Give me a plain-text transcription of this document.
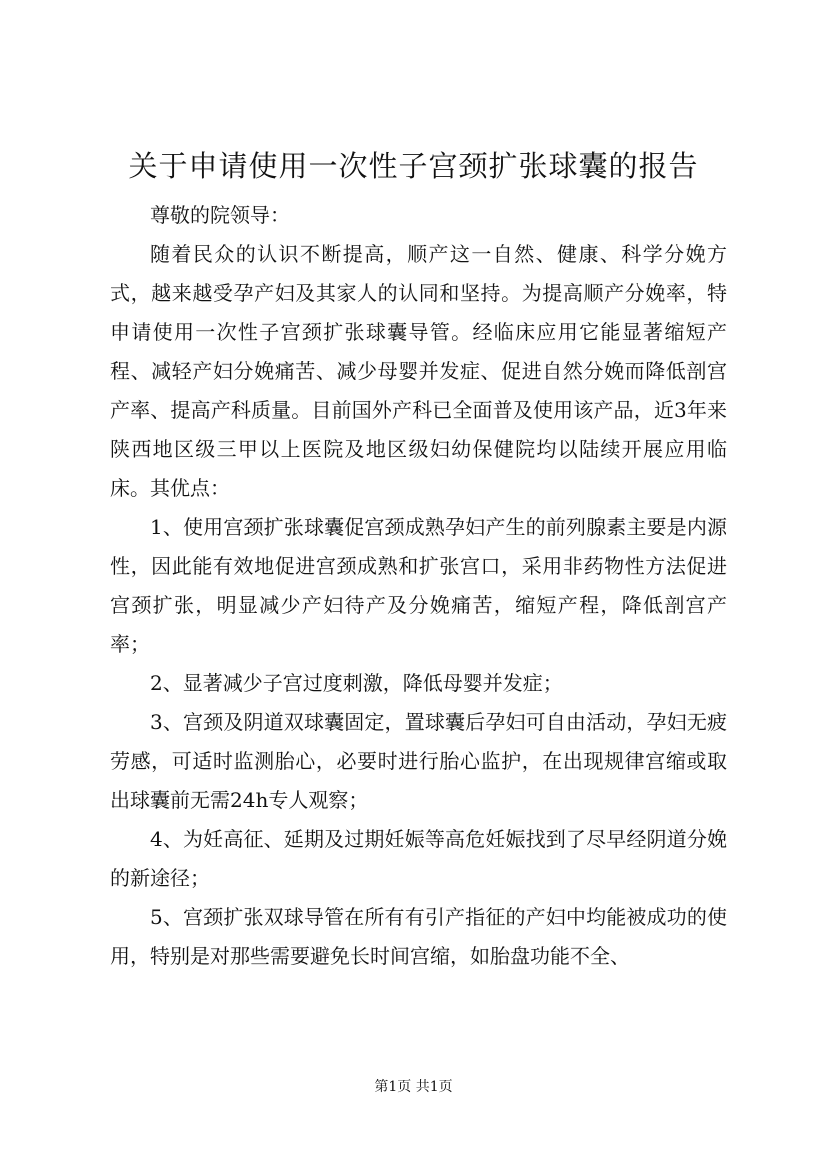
关于申请使用一次性子宫颈扩张球囊的报告

尊敬的院领导：

随着民众的认识不断提高，顺产这一自然、健康、科学分娩方式，越来越受孕产妇及其家人的认同和坚持。为提高顺产分娩率，特申请使用一次性子宫颈扩张球囊导管。经临床应用它能显著缩短产程、减轻产妇分娩痛苦、减少母婴并发症、促进自然分娩而降低剖宫产率、提高产科质量。目前国外产科已全面普及使用该产品，近3年来陕西地区级三甲以上医院及地区级妇幼保健院均以陆续开展应用临床。其优点：

1、使用宫颈扩张球囊促宫颈成熟孕妇产生的前列腺素主要是内源性，因此能有效地促进宫颈成熟和扩张宫口，采用非药物性方法促进宫颈扩张，明显减少产妇待产及分娩痛苦，缩短产程，降低剖宫产率；

2、显著减少子宫过度刺激，降低母婴并发症；

3、宫颈及阴道双球囊固定，置球囊后孕妇可自由活动，孕妇无疲劳感，可适时监测胎心，必要时进行胎心监护，在出现规律宫缩或取出球囊前无需24h专人观察；

4、为妊高征、延期及过期妊娠等高危妊娠找到了尽早经阴道分娩的新途径；

5、宫颈扩张双球导管在所有有引产指征的产妇中均能被成功的使用，特别是对那些需要避免长时间宫缩，如胎盘功能不全、

第1页 共1页
